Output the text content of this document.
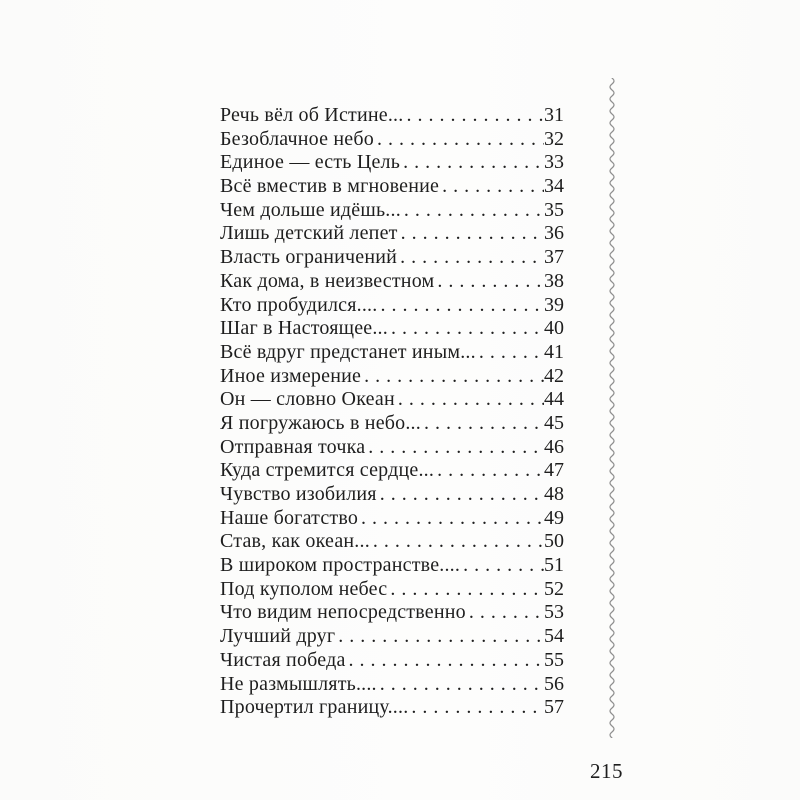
Речь вёл об Истине... . . .	31
Безоблачное небо . . .	32
Единое — есть Цель . . .	33
Всё вместив в мгновение . . .	34
Чем дольше идёшь... . . .	35
Лишь детский лепет . . .	36
Власть ограничений . . .	37
Как дома, в неизвестном . . .	38
Кто пробудился.... . . .	39
Шаг в Настоящее... . . .	40
Всё вдруг предстанет иным... . . .	41
Иное измерение . . .	42
Он — словно Океан . . .	44
Я погружаюсь в небо... . . .	45
Отправная точка . . .	46
Куда стремится сердце... . . .	47
Чувство изобилия . . .	48
Наше богатство . . .	49
Став, как океан... . . .	50
В широком пространстве.... . . .	51
Под куполом небес . . .	52
Что видим непосредственно . . .	53
Лучший друг . . .	54
Чистая победа . . .	55
Не размышлять.... . . .	56
Прочертил границу.... . . .	57
215
